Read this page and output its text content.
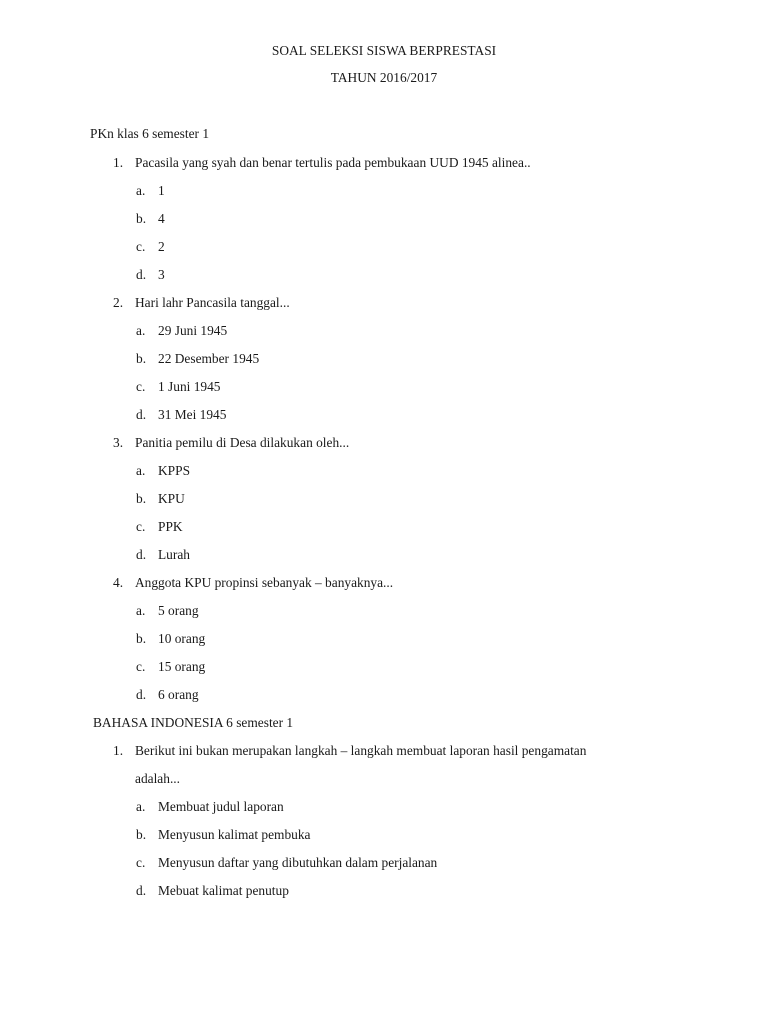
SOAL SELEKSI SISWA BERPRESTASI
TAHUN 2016/2017
PKn klas 6 semester 1
1. Pacasila yang syah dan benar tertulis pada pembukaan UUD 1945 alinea..
a. 1
b. 4
c. 2
d. 3
2. Hari lahr Pancasila tanggal...
a. 29 Juni 1945
b. 22 Desember 1945
c. 1 Juni 1945
d. 31 Mei 1945
3. Panitia pemilu di Desa dilakukan oleh...
a. KPPS
b. KPU
c. PPK
d. Lurah
4. Anggota KPU propinsi sebanyak – banyaknya...
a. 5 orang
b. 10 orang
c. 15 orang
d. 6 orang
BAHASA INDONESIA 6 semester 1
1. Berikut ini bukan merupakan langkah – langkah membuat laporan hasil pengamatan
adalah...
a. Membuat judul laporan
b. Menyusun kalimat pembuka
c. Menyusun daftar yang dibutuhkan dalam perjalanan
d. Mebuat kalimat penutup
